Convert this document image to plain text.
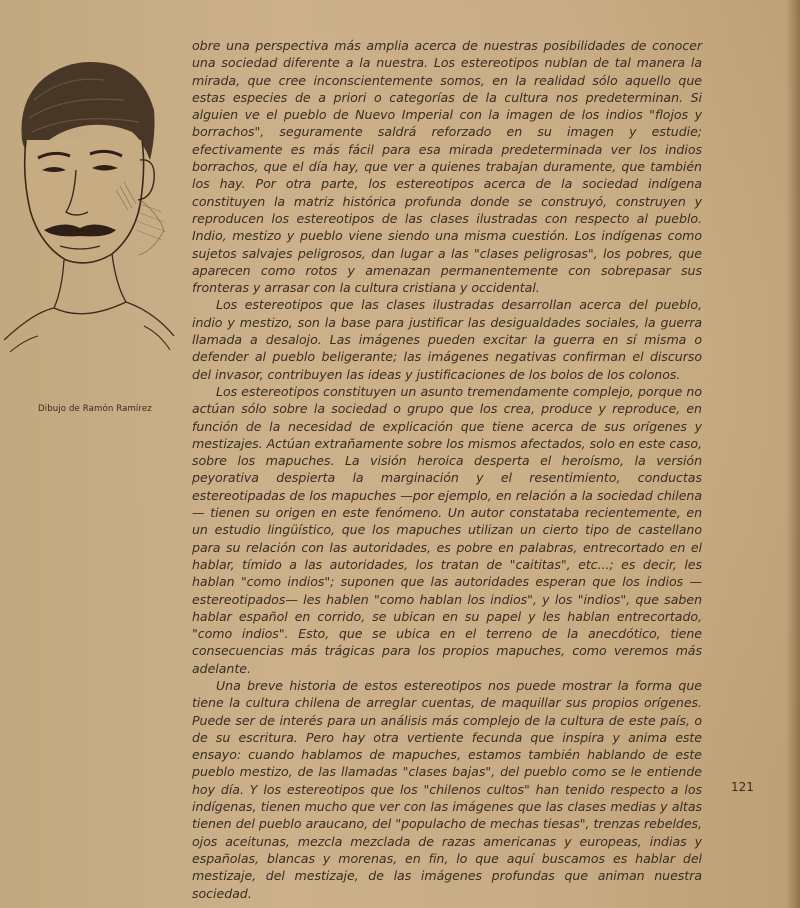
Dibujo de Ramón Ramírez

obre una perspectiva más amplia acerca de nuestras posibilidades de conocer una sociedad diferente a la nuestra. Los estereotipos nublan de tal manera la mirada, que cree inconscientemente somos, en la realidad sólo aquello que estas especies de a priori o categorías de la cultura nos predeterminan. Si alguien ve el pueblo de Nuevo Imperial con la imagen de los indios "flojos y borrachos", seguramente saldrá reforzado en su imagen y estudie; efectivamente es más fácil para esa mirada predeterminada ver los indios borrachos, que el día hay, que ver a quienes trabajan duramente, que también los hay. Por otra parte, los estereotipos acerca de la sociedad indígena constituyen la matriz histórica profunda donde se construyó, construyen y reproducen los estereotipos de las clases ilustradas con respecto al pueblo. Indio, mestizo y pueblo viene siendo una misma cuestión. Los indígenas como sujetos salvajes peligrosos, dan lugar a las "clases peligrosas", los pobres, que aparecen como rotos y amenazan permanentemente con sobrepasar sus fronteras y arrasar con la cultura cristiana y occidental.

Los estereotipos que las clases ilustradas desarrollan acerca del pueblo, indio y mestizo, son la base para justificar las desigualdades sociales, la guerra llamada a desalojo. Las imágenes pueden excitar la guerra en sí misma o defender al pueblo beligerante; las imágenes negativas confirman el discurso del invasor, contribuyen las ideas y justificaciones de los bolos de los colonos.

Los estereotipos constituyen un asunto tremendamente complejo, porque no actúan sólo sobre la sociedad o grupo que los crea, produce y reproduce, en función de la necesidad de explicación que tiene acerca de sus orígenes y mestizajes. Actúan extrañamente sobre los mismos afectados, solo en este caso, sobre los mapuches. La visión heroica desperta el heroísmo, la versión peyorativa despierta la marginación y el resentimiento, conductas estereotipadas de los mapuches —por ejemplo, en relación a la sociedad chilena— tienen su origen en este fenómeno. Un autor constataba recientemente, en un estudio lingüístico, que los mapuches utilizan un cierto tipo de castellano para su relación con las autoridades, es pobre en palabras, entrecortado en el hablar, tímido a las autoridades, los tratan de "caititas", etc...; es decir, les hablan "como indios"; suponen que las autoridades esperan que los indios —estereotipados— les hablen "como hablan los indios", y los "indios", que saben hablar español en corrido, se ubican en su papel y les hablan entrecortado, "como indios". Esto, que se ubica en el terreno de la anecdótico, tiene consecuencias más trágicas para los propios mapuches, como veremos más adelante.

Una breve historia de estos estereotipos nos puede mostrar la forma que tiene la cultura chilena de arreglar cuentas, de maquillar sus propios orígenes. Puede ser de interés para un análisis más complejo de la cultura de este país, o de su escritura. Pero hay otra vertiente fecunda que inspira y anima este ensayo: cuando hablamos de mapuches, estamos también hablando de este pueblo mestizo, de las llamadas "clases bajas", del pueblo como se le entiende hoy día. Y los estereotipos que los "chilenos cultos" han tenido respecto a los indígenas, tienen mucho que ver con las imágenes que las clases medias y altas tienen del pueblo araucano, del "populacho de mechas tiesas", trenzas rebeldes, ojos aceitunas, mezcla mezclada de razas americanas y europeas, indias y españolas, blancas y morenas, en fin, lo que aquí buscamos es hablar del mestizaje, del mestizaje, de las imágenes profundas que animan nuestra sociedad.

121
